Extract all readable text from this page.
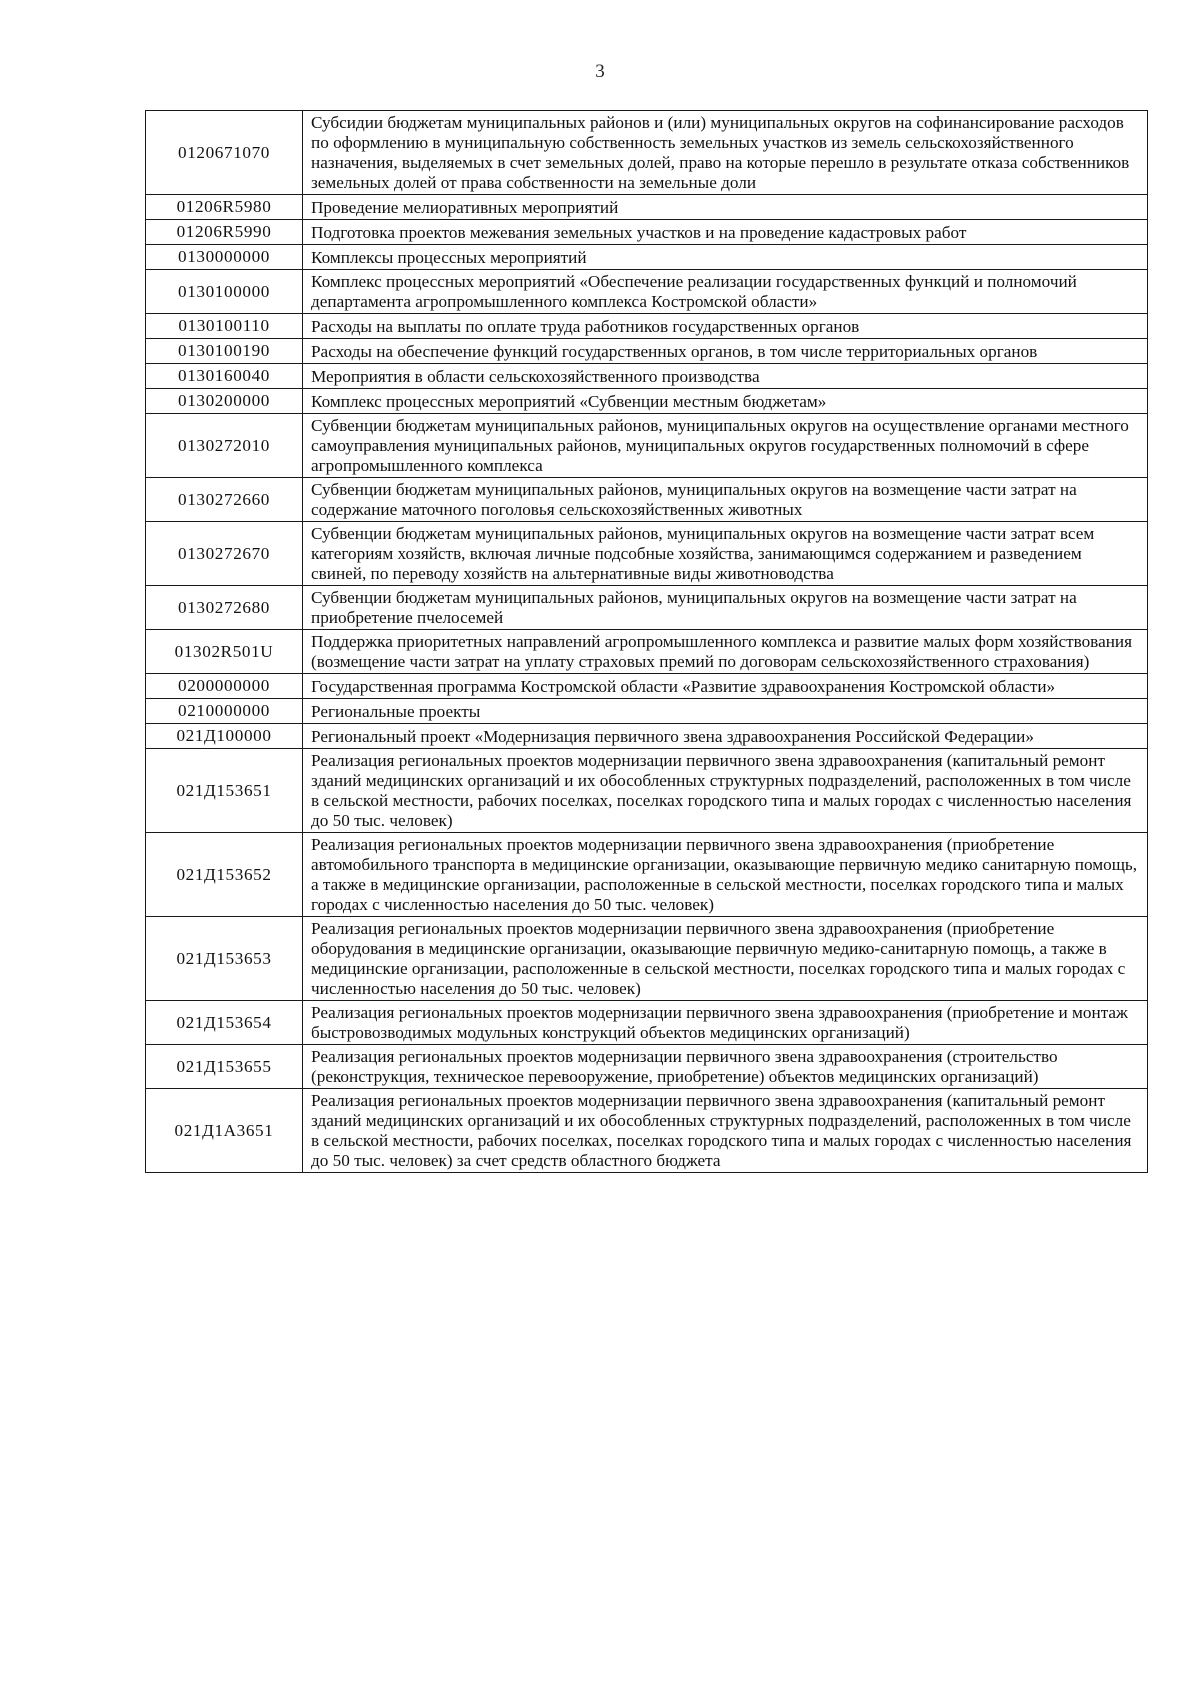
3
0120671070	Субсидии бюджетам муниципальных районов и (или) муниципальных округов на софинансирование расходов по оформлению в муниципальную собственность земельных участков из земель сельскохозяйственного назначения, выделяемых в счет земельных долей, право на которые перешло в результате отказа собственников земельных долей от права собственности на земельные доли
01206R5980	Проведение мелиоративных мероприятий
01206R5990	Подготовка проектов межевания земельных участков и на проведение кадастровых работ
0130000000	Комплексы процессных мероприятий
0130100000	Комплекс процессных мероприятий «Обеспечение реализации государственных функций и полномочий департамента агропромышленного комплекса Костромской области»
0130100110	Расходы на выплаты по оплате труда работников государственных органов
0130100190	Расходы на обеспечение функций государственных органов, в том числе территориальных органов
0130160040	Мероприятия в области сельскохозяйственного производства
0130200000	Комплекс процессных мероприятий «Субвенции местным бюджетам»
0130272010	Субвенции бюджетам муниципальных районов, муниципальных округов на осуществление органами местного самоуправления муниципальных районов, муниципальных округов государственных полномочий в сфере агропромышленного комплекса
0130272660	Субвенции бюджетам муниципальных районов, муниципальных округов на возмещение части затрат на содержание маточного поголовья сельскохозяйственных животных
0130272670	Субвенции бюджетам муниципальных районов, муниципальных округов на возмещение части затрат всем категориям хозяйств, включая личные подсобные хозяйства, занимающимся содержанием и разведением свиней, по переводу хозяйств на альтернативные виды животноводства
0130272680	Субвенции бюджетам муниципальных районов, муниципальных округов на возмещение части затрат на приобретение пчелосемей
01302R501U	Поддержка приоритетных направлений агропромышленного комплекса и развитие малых форм хозяйствования (возмещение части затрат на уплату страховых премий по договорам сельскохозяйственного страхования)
0200000000	Государственная программа Костромской области «Развитие здравоохранения Костромской области»
0210000000	Региональные проекты
021Д100000	Региональный проект «Модернизация первичного звена здравоохранения Российской Федерации»
021Д153651	Реализация региональных проектов модернизации первичного звена здравоохранения (капитальный ремонт зданий медицинских организаций и их обособленных структурных подразделений, расположенных в том числе в сельской местности, рабочих поселках, поселках городского типа и малых городах с численностью населения до 50 тыс. человек)
021Д153652	Реализация региональных проектов модернизации первичного звена здравоохранения (приобретение автомобильного транспорта в медицинские организации, оказывающие первичную медико санитарную помощь, а также в медицинские организации, расположенные в сельской местности, поселках городского типа и малых городах с численностью населения до 50 тыс. человек)
021Д153653	Реализация региональных проектов модернизации первичного звена здравоохранения (приобретение оборудования в медицинские организации, оказывающие первичную медико-санитарную помощь, а также в медицинские организации, расположенные в сельской местности, поселках городского типа и малых городах с численностью населения до 50 тыс. человек)
021Д153654	Реализация региональных проектов модернизации первичного звена здравоохранения (приобретение и монтаж быстровозводимых модульных конструкций объектов медицинских организаций)
021Д153655	Реализация региональных проектов модернизации первичного звена здравоохранения (строительство (реконструкция, техническое перевооружение, приобретение) объектов медицинских организаций)
021Д1А3651	Реализация региональных проектов модернизации первичного звена здравоохранения (капитальный ремонт зданий медицинских организаций и их обособленных структурных подразделений, расположенных в том числе в сельской местности, рабочих поселках, поселках городского типа и малых городах с численностью населения до 50 тыс. человек) за счет средств областного бюджета
